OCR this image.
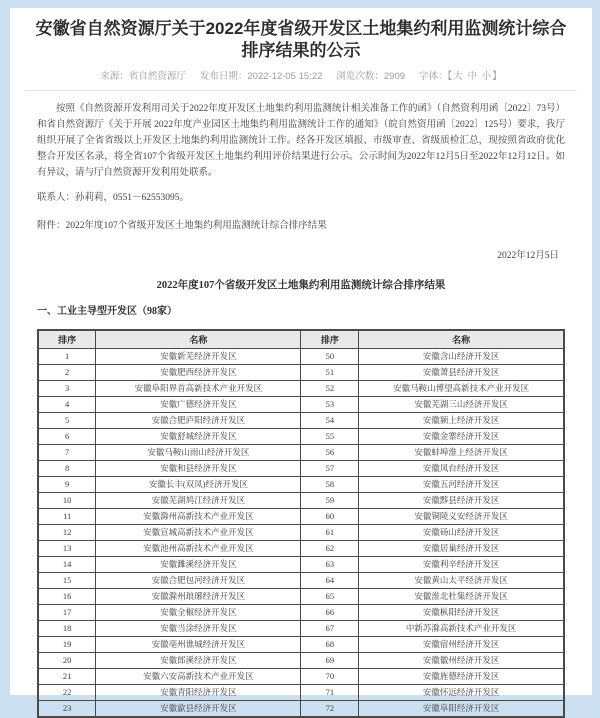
安徽省自然资源厅关于2022年度省级开发区土地集约利用监测统计综合排序结果的公示
来源：省自然资源厅 发布日期：2022-12-05 15:22 浏览次数：2909 字体：【大 中 小】

按照《自然资源开发利用司关于2022年度开发区土地集约利用监测统计相关准备工作的函》（自然资利用函〔2022〕73号）和省自然资源厅《关于开展 2022年度产业园区土地集约利用监测统计工作的通知》（皖自然资用函〔2022〕125号）要求，我厅组织开展了全省省级以上开发区土地集约利用监测统计工作。经各开发区填报、市级审查、省级质检汇总，现按照省政府优化整合开发区名录，将全省107个省级开发区土地集约利用评价结果进行公示。公示时间为2022年12月5日至2022年12月12日。如有异议，请与厅自然资源开发利用处联系。

联系人：孙莉莉，0551－62553095。

附件：2022年度107个省级开发区土地集约利用监测统计综合排序结果

2022年12月5日

2022年度107个省级开发区土地集约利用监测统计综合排序结果
一、工业主导型开发区（98家）
排序	名称	排序	名称
1	安徽新芜经济开发区	50	安徽含山经济开发区
2	安徽肥西经济开发区	51	安徽萧县经济开发区
3	安徽阜阳界首高新技术产业开发区	52	安徽马鞍山博望高新技术产业开发区
4	安徽广德经济开发区	53	安徽芜湖三山经济开发区
5	安徽合肥庐阳经济开发区	54	安徽颍上经济开发区
6	安徽舒城经济开发区	55	安徽金寨经济开发区
7	安徽马鞍山雨山经济开发区	56	安徽蚌埠淮上经济开发区
8	安徽和县经济开发区	57	安徽凤台经济开发区
9	安徽长丰(双凤)经济开发区	58	安徽五河经济开发区
10	安徽芜湖鸠江经济开发区	59	安徽黟县经济开发区
11	安徽滁州高新技术产业开发区	60	安徽铜陵义安经济开发区
12	安徽宣城高新技术产业开发区	61	安徽砀山经济开发区
13	安徽池州高新技术产业开发区	62	安徽居巢经济开发区
14	安徽濉溪经济开发区	63	安徽利辛经济开发区
15	安徽合肥包河经济开发区	64	安徽黄山太平经济开发区
16	安徽滁州琅琊经济开发区	65	安徽淮北杜集经济开发区
17	安徽全椒经济开发区	66	安徽枞阳经济开发区
18	安徽当涂经济开发区	67	中新苏滁高新技术产业开发区
19	安徽亳州谯城经济开发区	68	安徽宿州经济开发区
20	安徽郎溪经济开发区	69	安徽徽州经济开发区
21	安徽六安高新技术产业开发区	70	安徽旌德经济开发区
22	安徽青阳经济开发区	71	安徽怀远经济开发区
23	安徽歙县经济开发区	72	安徽阜阳经济开发区
